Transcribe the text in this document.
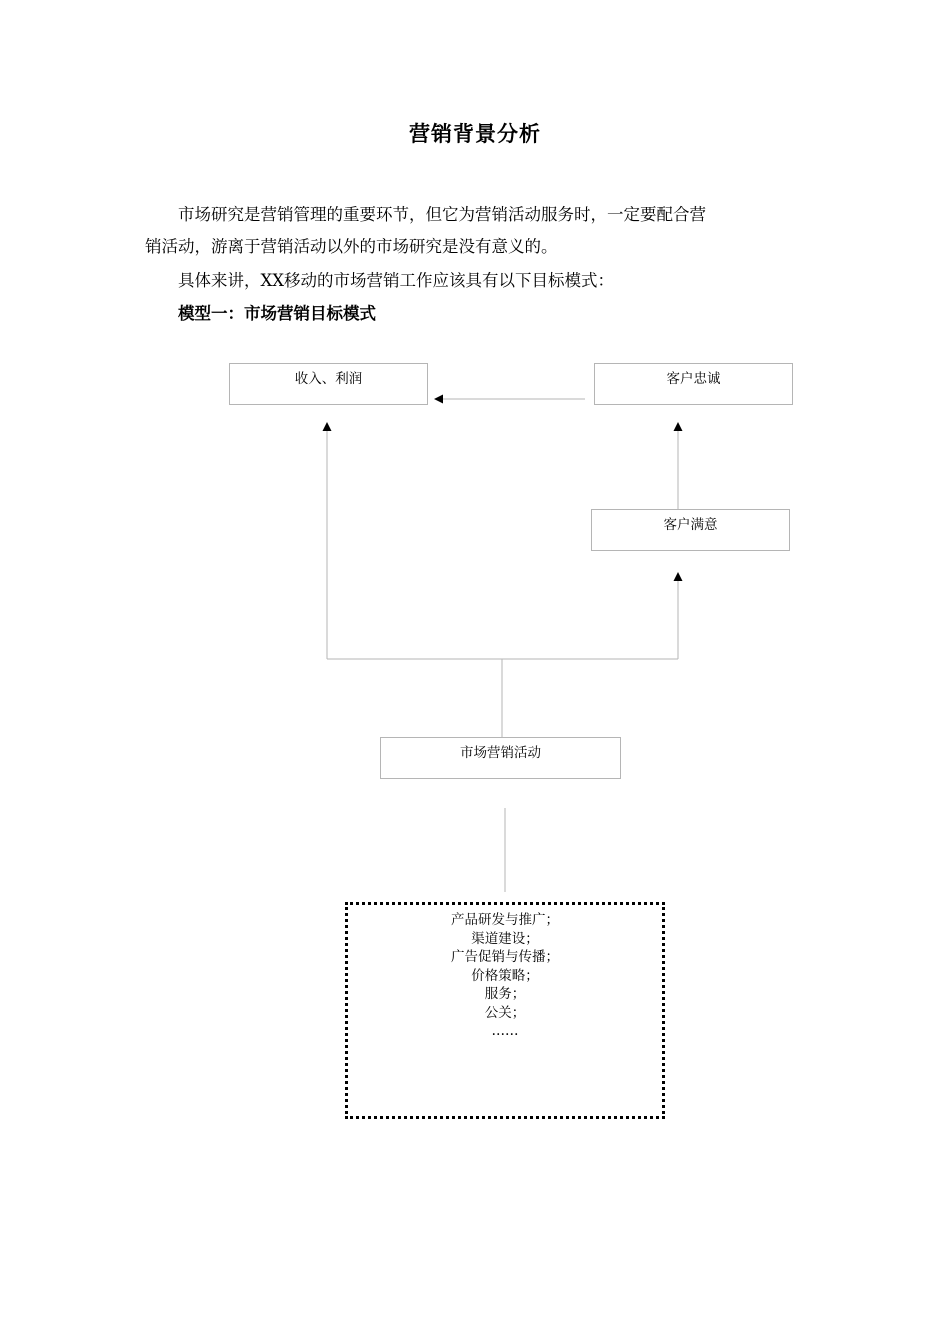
营销背景分析
市场研究是营销管理的重要环节，但它为营销活动服务时，一定要配合营
销活动，游离于营销活动以外的市场研究是没有意义的。
具体来讲，XX移动的市场营销工作应该具有以下目标模式：
模型一：市场营销目标模式
收入、利润	客户忠诚
客户满意
市场营销活动
产品研发与推广；
渠道建设；
广告促销与传播；
价格策略；
服务；
公关；
……
